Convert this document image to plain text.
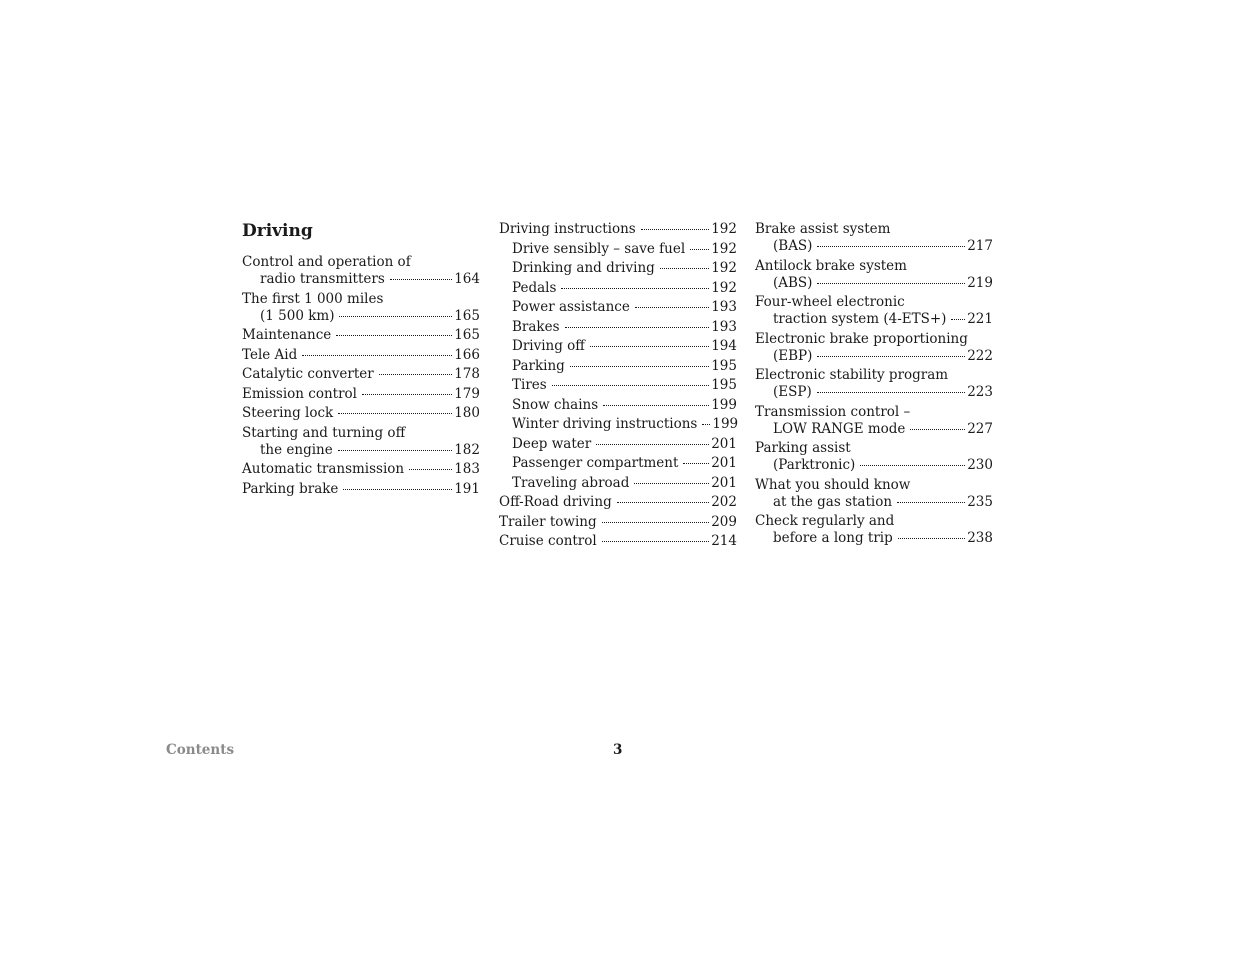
Driving
Control and operation of
radio transmitters	164
The first 1 000 miles
(1 500 km)	165
Maintenance	165
Tele Aid	166
Catalytic converter	178
Emission control	179
Steering lock	180
Starting and turning off
the engine	182
Automatic transmission	183
Parking brake	191
Driving instructions	192
Drive sensibly – save fuel 192
Drinking and driving	192
Pedals	192
Power assistance	193
Brakes	193
Driving off	194
Parking	195
Tires	195
Snow chains	199
Winter driving instructions 199
Deep water	201
Passenger compartment 201
Traveling abroad	201
Off-Road driving	202
Trailer towing	209
Cruise control	214
Brake assist system
(BAS)	217
Antilock brake system
(ABS)	219
Four-wheel electronic
traction system (4-ETS+) 221
Electronic brake proportioning
(EBP)	222
Electronic stability program
(ESP)	223
Transmission control –
LOW RANGE mode	227
Parking assist
(Parktronic)	230
What you should know
at the gas station	235
Check regularly and
before a long trip	238
Contents	3
